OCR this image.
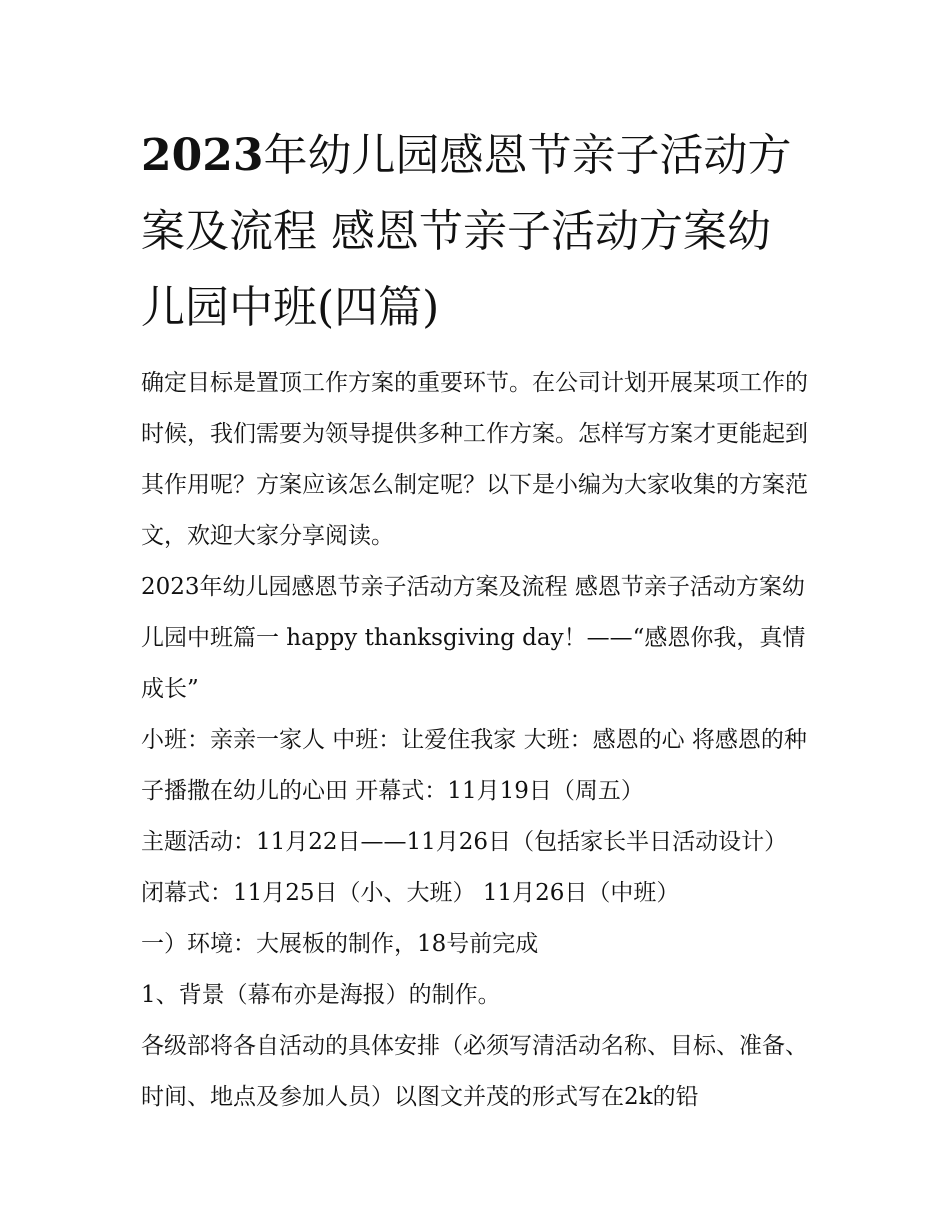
2023年幼儿园感恩节亲子活动方案及流程 感恩节亲子活动方案幼儿园中班(四篇)

确定目标是置顶工作方案的重要环节。在公司计划开展某项工作的时候，我们需要为领导提供多种工作方案。怎样写方案才更能起到其作用呢？方案应该怎么制定呢？以下是小编为大家收集的方案范文，欢迎大家分享阅读。

2023年幼儿园感恩节亲子活动方案及流程 感恩节亲子活动方案幼儿园中班篇一 happy thanksgiving day！——“感恩你我，真情成长”

小班：亲亲一家人 中班：让爱住我家 大班：感恩的心 将感恩的种子播撒在幼儿的心田 开幕式：11月19日（周五）

主题活动：11月22日——11月26日（包括家长半日活动设计） 闭幕式：11月25日（小、大班） 11月26日（中班）

一）环境：大展板的制作，18号前完成

1、背景（幕布亦是海报）的制作。

各级部将各自活动的具体安排（必须写清活动名称、目标、准备、时间、地点及参加人员）以图文并茂的形式写在2k的铅
